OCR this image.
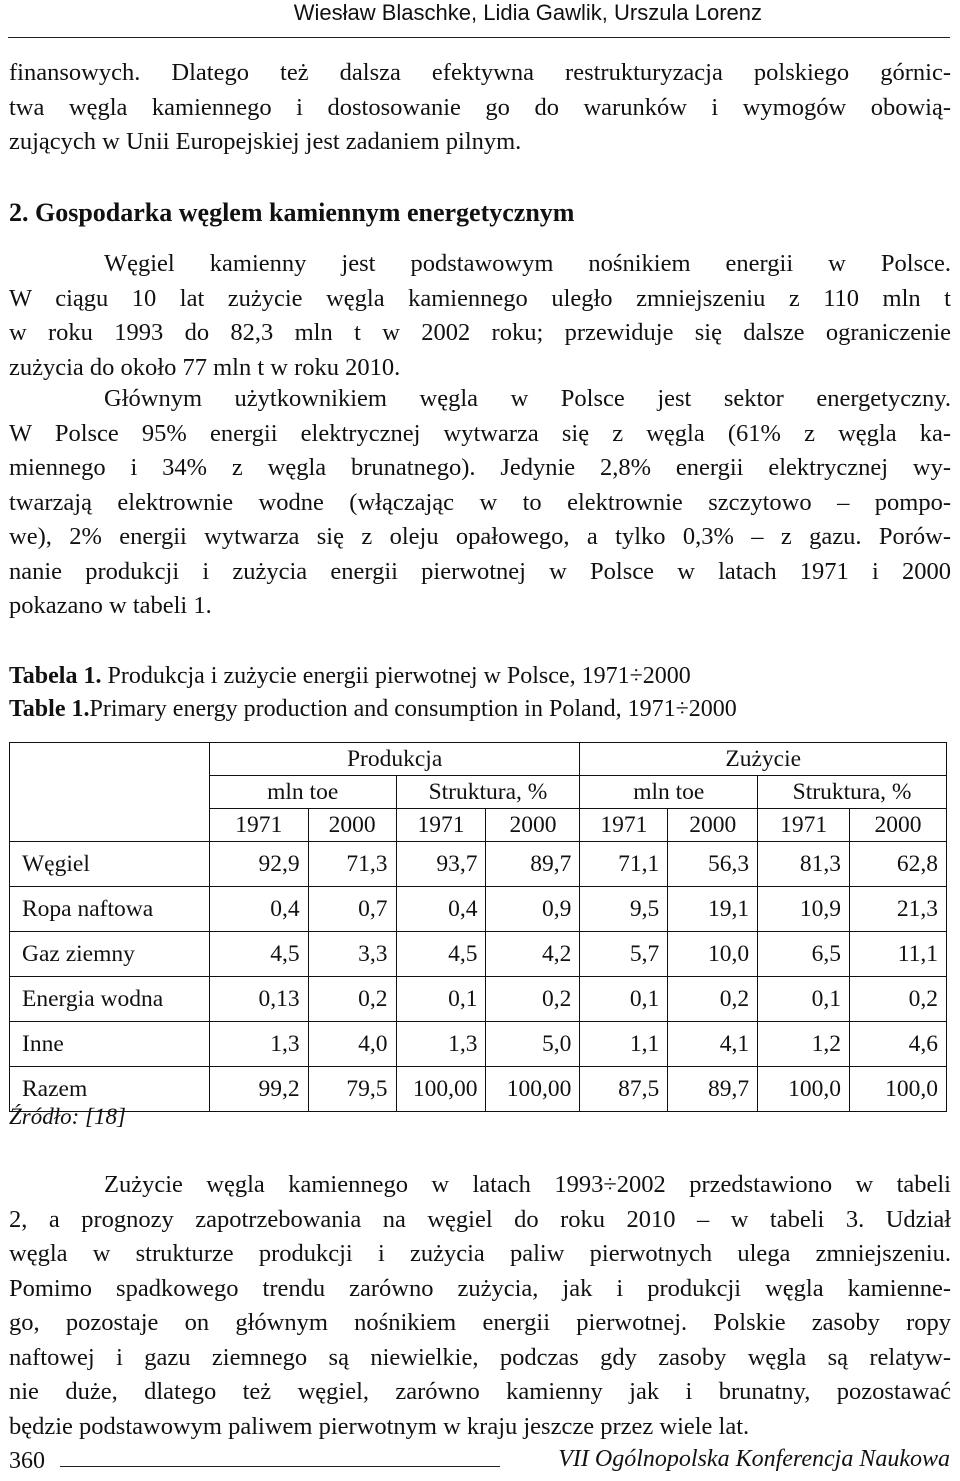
Wiesław Blaschke, Lidia Gawlik, Urszula Lorenz

finansowych. Dlatego też dalsza efektywna restrukturyzacja polskiego górnic-
twa węgla kamiennego i dostosowanie go do warunków i wymogów obowią-
zujących w Unii Europejskiej jest zadaniem pilnym.

2. Gospodarka węglem kamiennym energetycznym

Węgiel kamienny jest podstawowym nośnikiem energii w Polsce.
W ciągu 10 lat zużycie węgla kamiennego uległo zmniejszeniu z 110 mln t
w roku 1993 do 82,3 mln t w 2002 roku; przewiduje się dalsze ograniczenie
zużycia do około 77 mln t w roku 2010.

Głównym użytkownikiem węgla w Polsce jest sektor energetyczny.
W Polsce 95% energii elektrycznej wytwarza się z węgla (61% z węgla ka-
miennego i 34% z węgla brunatnego). Jedynie 2,8% energii elektrycznej wy-
twarzają elektrownie wodne (włączając w to elektrownie szczytowo – pompo-
we), 2% energii wytwarza się z oleju opałowego, a tylko 0,3% – z gazu. Porów-
nanie produkcji i zużycia energii pierwotnej w Polsce w latach 1971 i 2000
pokazano w tabeli 1.

Tabela 1. Produkcja i zużycie energii pierwotnej w Polsce, 1971÷2000
Table 1.Primary energy production and consumption in Poland, 1971÷2000
	Produkcja				Zużycie			
	mln toe		Struktura, %		mln toe		Struktura, %	
	1971	2000	1971	2000	1971	2000	1971	2000
Węgiel	92,9	71,3	93,7	89,7	71,1	56,3	81,3	62,8
Ropa naftowa	0,4	0,7	0,4	0,9	9,5	19,1	10,9	21,3
Gaz ziemny	4,5	3,3	4,5	4,2	5,7	10,0	6,5	11,1
Energia wodna	0,13	0,2	0,1	0,2	0,1	0,2	0,1	0,2
Inne	1,3	4,0	1,3	5,0	1,1	4,1	1,2	4,6
Razem	99,2	79,5	100,00	100,00	87,5	89,7	100,0	100,0
Źródło: [18]

Zużycie węgla kamiennego w latach 1993÷2002 przedstawiono w tabeli
2, a prognozy zapotrzebowania na węgiel do roku 2010 – w tabeli 3. Udział
węgla w strukturze produkcji i zużycia paliw pierwotnych ulega zmniejszeniu.
Pomimo spadkowego trendu zarówno zużycia, jak i produkcji węgla kamienne-
go, pozostaje on głównym nośnikiem energii pierwotnej. Polskie zasoby ropy
naftowej i gazu ziemnego są niewielkie, podczas gdy zasoby węgla są relatyw-
nie duże, dlatego też węgiel, zarówno kamienny jak i brunatny, pozostawać
będzie podstawowym paliwem pierwotnym w kraju jeszcze przez wiele lat.

360	VII Ogólnopolska Konferencja Naukowa
